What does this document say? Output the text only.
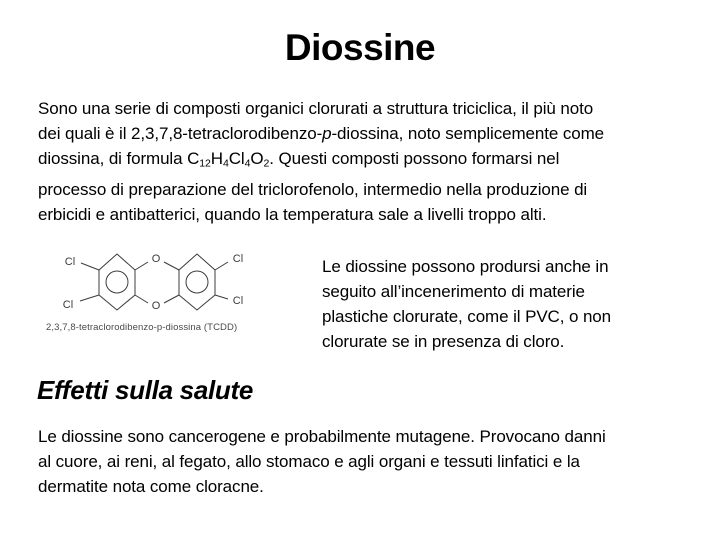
Diossine
Sono una serie di composti organici clorurati a struttura triciclica, il più noto
dei quali è il 2,3,7,8-tetraclorodibenzo-p-diossina, noto semplicemente come
diossina, di formula C12H4Cl4O2. Questi composti possono formarsi nel
processo di preparazione del triclorofenolo, intermedio nella produzione di
erbicidi e antibatterici, quando la temperatura sale a livelli troppo alti.
O
O
Cl
Cl
Cl
Cl
2,3,7,8-tetraclorodibenzo-p-diossina (TCDD)
Le diossine possono prodursi anche in
seguito all’incenerimento di materie
plastiche clorurate, come il PVC, o non
clorurate se in presenza di cloro.
Effetti sulla salute
Le diossine sono cancerogene e probabilmente mutagene. Provocano danni
al cuore, ai reni, al fegato, allo stomaco e agli organi e tessuti linfatici e la
dermatite nota come cloracne.
